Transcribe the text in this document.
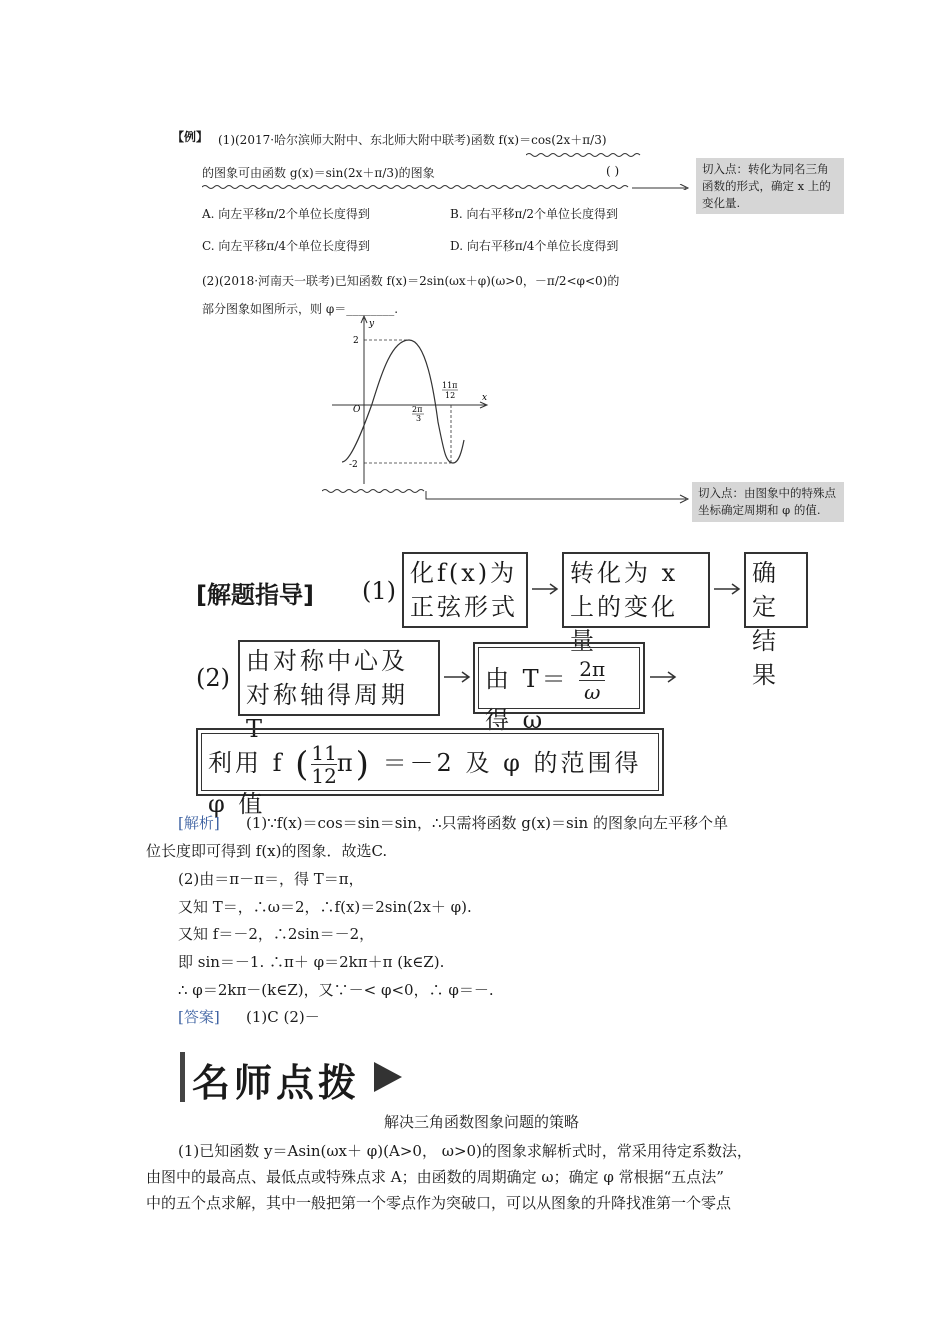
【例】 (1)(2017·哈尔滨师大附中、东北师大附中联考)函数 f(x)＝cos(2x＋π/3)
的图象可由函数 g(x)＝sin(2x＋π/3)的图象	( )
A. 向左平移π/2个单位长度得到	B. 向右平移π/2个单位长度得到
C. 向左平移π/4个单位长度得到	D. 向右平移π/4个单位长度得到
(2)(2018·河南天一联考)已知函数 f(x)＝2sin(ωx＋φ)(ω>0，－π/2<φ<0)的
部分图象如图所示，则 φ＝________.
切入点：转化为同名三角函数的形式，确定 x 上的变化量.
y
x
O
2
-2
2π
3
11π
12
切入点：由图象中的特殊点坐标确定周期和 φ 的值.
[解题指导] (1)
化f(x)为正弦形式
转化为 x 上的变化量
确定结果
(2)
由对称中心及对称轴得周期 T
由 $T= \frac{2\pi}{\omega}$
得 ω
利用 f ( $\frac{11}{12} \pi) =-2$ 及 φ 的范围得 φ 值
[解析] (1)∵f(x)＝cos＝sin＝sin，∴只需将函数 g(x)＝sin 的图象向左平移个单
位长度即可得到 f(x)的图象．故选C.
(2)由＝π－π＝，得 T＝π，
又知 T＝，∴ω＝2，∴f(x)＝2sin(2x＋ φ).
又知 f＝－2，∴2sin＝－2，
即 sin＝－1. ∴π＋ φ＝2kπ＋π (k∈Z).
∴ φ＝2kπ－(k∈Z)，又∵－< φ<0，∴ φ＝－.
[答案] (1)C (2)－
名师点拨
解决三角函数图象问题的策略
(1)已知函数 y＝Asin(ωx＋ φ)(A>0， ω>0)的图象求解析式时，常采用待定系数法，
由图中的最高点、最低点或特殊点求 A；由函数的周期确定 ω；确定 φ 常根据“五点法”
中的五个点求解，其中一般把第一个零点作为突破口，可以从图象的升降找准第一个零点
